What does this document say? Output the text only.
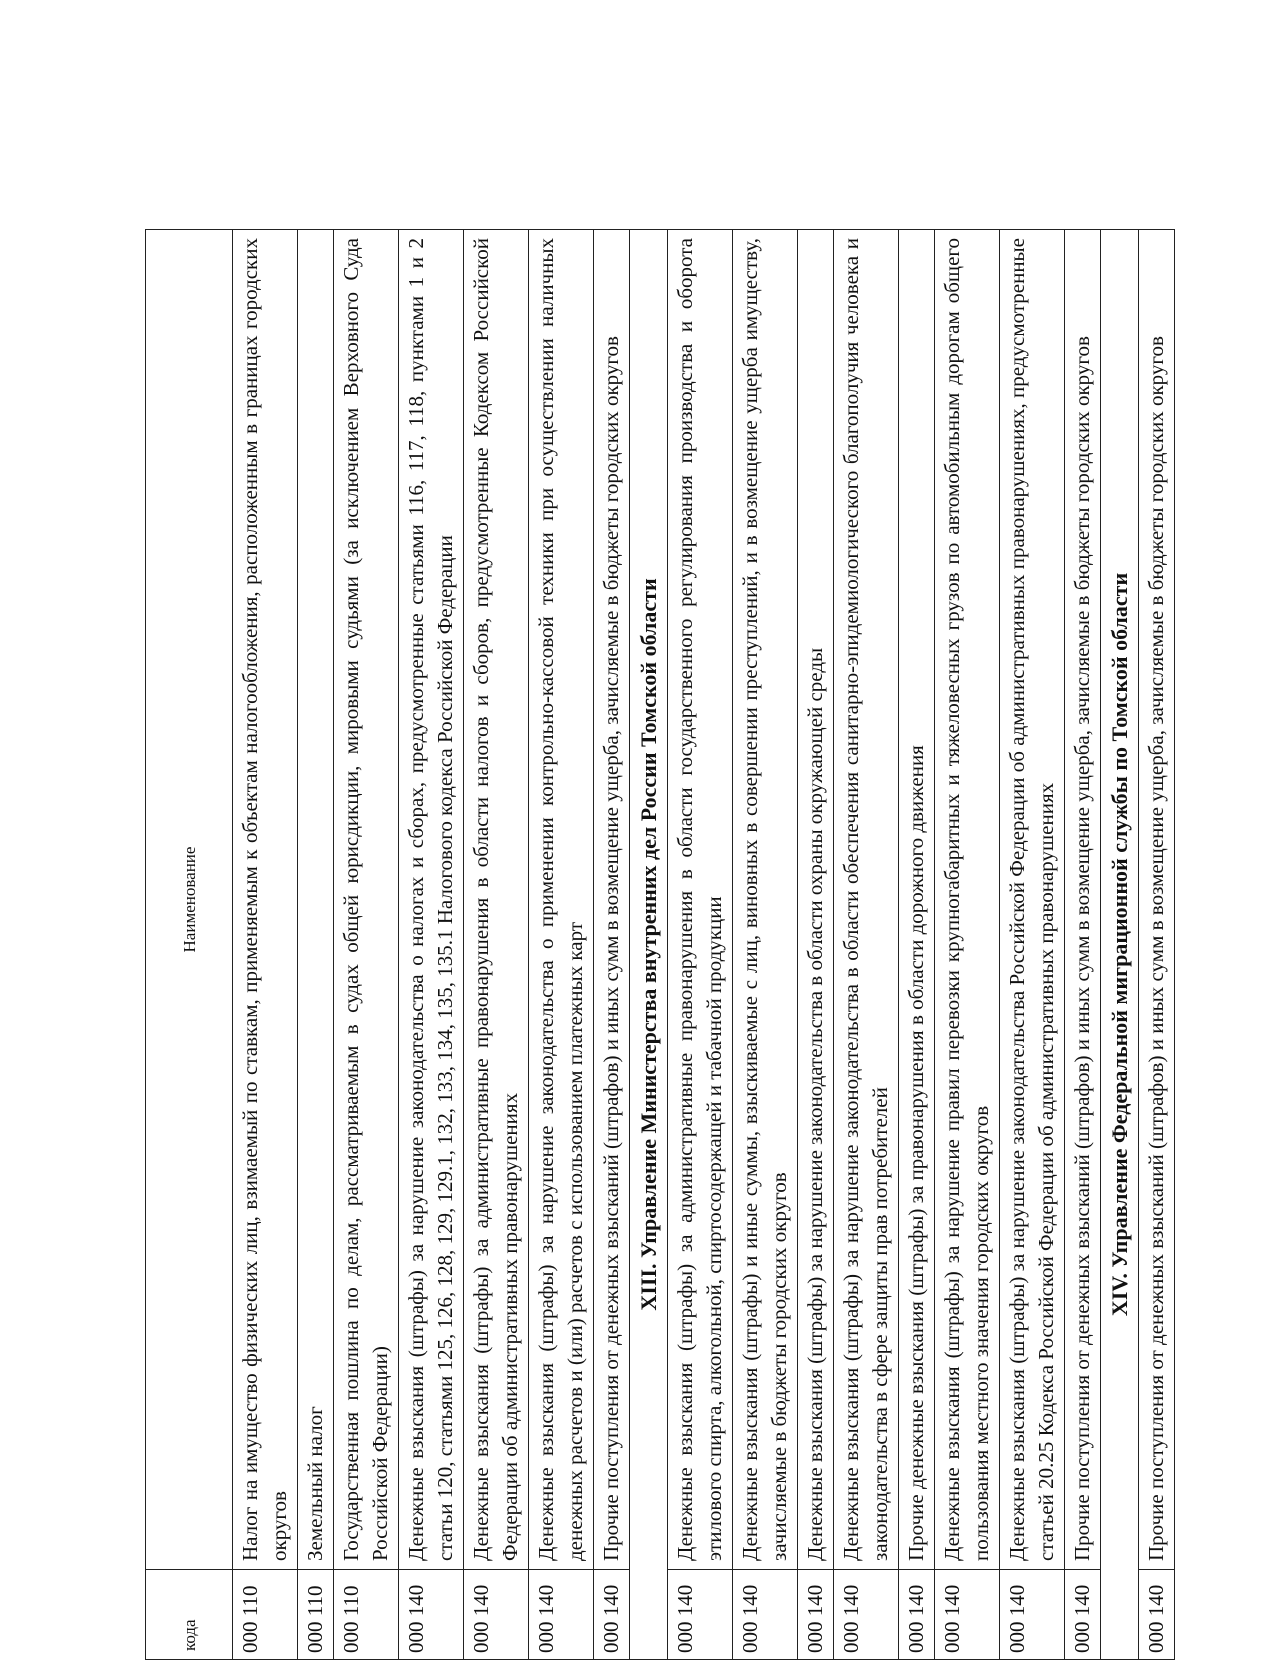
кода	Наименование
000 110	Налог на имущество физических лиц, взимаемый по ставкам, применяемым к объектам налогообложения, расположенным в границах городских округов
000 110	Земельный налог
000 110	Государственная пошлина по делам, рассматриваемым в судах общей юрисдикции, мировыми судьями (за исключением Верховного Суда Российской Федерации)
000 140	Денежные взыскания (штрафы) за нарушение законодательства о налогах и сборах, предусмотренные статьями 116, 117, 118, пунктами 1 и 2 статьи 120, статьями 125, 126, 128, 129, 129.1, 132, 133, 134, 135, 135.1 Налогового кодекса Российской Федерации
000 140	Денежные взыскания (штрафы) за административные правонарушения в области налогов и сборов, предусмотренные Кодексом Российской Федерации об административных правонарушениях
000 140	Денежные взыскания (штрафы) за нарушение законодательства о применении контрольно-кассовой техники при осуществлении наличных денежных расчетов и (или) расчетов с использованием платежных карт
000 140	Прочие поступления от денежных взысканий (штрафов) и иных сумм в возмещение ущерба, зачисляемые в бюджеты городских округов
XIII. Управление Министерства внутренних дел России Томской области	
000 140	Денежные взыскания (штрафы) за административные правонарушения в области государственного регулирования производства и оборота этилового спирта, алкогольной, спиртосодержащей и табачной продукции
000 140	Денежные взыскания (штрафы) и иные суммы, взыскиваемые с лиц, виновных в совершении преступлений, и в возмещение ущерба имуществу, зачисляемые в бюджеты городских округов
000 140	Денежные взыскания (штрафы) за нарушение законодательства в области охраны окружающей среды
000 140	Денежные взыскания (штрафы) за нарушение законодательства в области обеспечения санитарно-эпидемиологического благополучия человека и законодательства в сфере защиты прав потребителей
000 140	Прочие денежные взыскания (штрафы) за правонарушения в области дорожного движения
000 140	Денежные взыскания (штрафы) за нарушение правил перевозки крупногабаритных и тяжеловесных грузов по автомобильным дорогам общего пользования местного значения городских округов
000 140	Денежные взыскания (штрафы) за нарушение законодательства Российской Федерации об административных правонарушениях, предусмотренные статьей 20.25 Кодекса Российской Федерации об административных правонарушениях
000 140	Прочие поступления от денежных взысканий (штрафов) и иных сумм в возмещение ущерба, зачисляемые в бюджеты городских округов
XIV. Управление Федеральной миграционной службы по Томской области	
000 140	Прочие поступления от денежных взысканий (штрафов) и иных сумм в возмещение ущерба, зачисляемые в бюджеты городских округов
